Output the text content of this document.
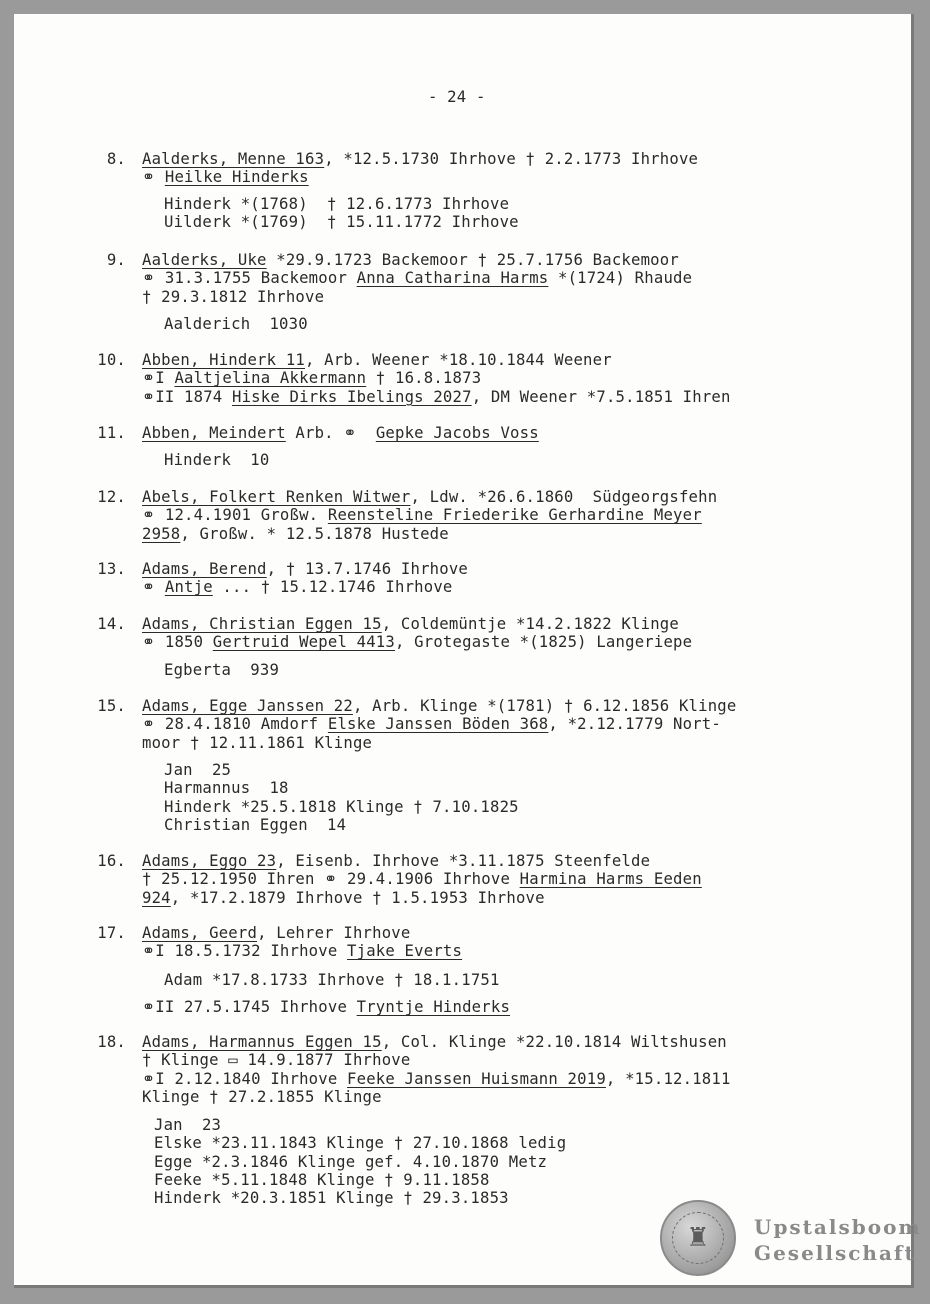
- 24 -
8. Aalderks, Menne 163, *12.5.1730 Ihrhove † 2.2.1773 Ihrhove
⚭ Heilke Hinderks
Hinderk *(1768)  † 12.6.1773 Ihrhove
Uilderk *(1769)  † 15.11.1772 Ihrhove
9. Aalderks, Uke *29.9.1723 Backemoor † 25.7.1756 Backemoor
⚭ 31.3.1755 Backemoor Anna Catharina Harms *(1724) Rhaude
† 29.3.1812 Ihrhove
Aalderich  1030
10. Abben, Hinderk 11, Arb. Weener *18.10.1844 Weener
⚭I Aaltjelina Akkermann † 16.8.1873
⚭II 1874 Hiske Dirks Ibelings 2027, DM Weener *7.5.1851 Ihren
11. Abben, Meindert Arb. ⚭  Gepke Jacobs Voss
Hinderk  10
12. Abels, Folkert Renken Witwer, Ldw. *26.6.1860  Südgeorgsfehn
⚭ 12.4.1901 Großw. Reensteline Friederike Gerhardine Meyer
2958, Großw. * 12.5.1878 Hustede
13. Adams, Berend, † 13.7.1746 Ihrhove
⚭ Antje ... † 15.12.1746 Ihrhove
14. Adams, Christian Eggen 15, Coldemüntje *14.2.1822 Klinge
⚭ 1850 Gertruid Wepel 4413, Grotegaste *(1825) Langeriepe
Egberta  939
15. Adams, Egge Janssen 22, Arb. Klinge *(1781) † 6.12.1856 Klinge
⚭ 28.4.1810 Amdorf Elske Janssen Böden 368, *2.12.1779 Nort-
moor † 12.11.1861 Klinge
Jan  25
Harmannus  18
Hinderk *25.5.1818 Klinge † 7.10.1825
Christian Eggen  14
16. Adams, Eggo 23, Eisenb. Ihrhove *3.11.1875 Steenfelde
† 25.12.1950 Ihren ⚭ 29.4.1906 Ihrhove Harmina Harms Eeden
924, *17.2.1879 Ihrhove † 1.5.1953 Ihrhove
17. Adams, Geerd, Lehrer Ihrhove
⚭I 18.5.1732 Ihrhove Tjake Everts
Adam *17.8.1733 Ihrhove † 18.1.1751
⚭II 27.5.1745 Ihrhove Tryntje Hinderks
18. Adams, Harmannus Eggen 15, Col. Klinge *22.10.1814 Wiltshusen
† Klinge ▭ 14.9.1877 Ihrhove
⚭I 2.12.1840 Ihrhove Feeke Janssen Huismann 2019, *15.12.1811
Klinge † 27.2.1855 Klinge
Jan  23
Elske *23.11.1843 Klinge † 27.10.1868 ledig
Egge *2.3.1846 Klinge gef. 4.10.1870 Metz
Feeke *5.11.1848 Klinge † 9.11.1858
Hinderk *20.3.1851 Klinge † 29.3.1853
♜	Upstalsboom
Gesellschaft
